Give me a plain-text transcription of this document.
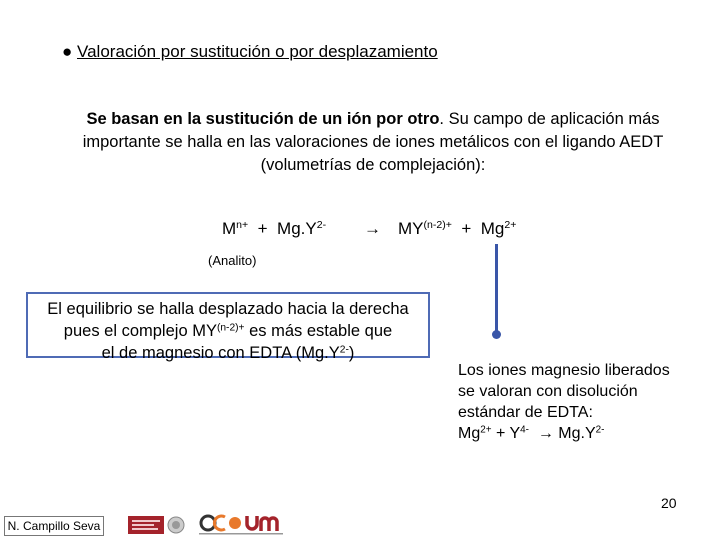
● Valoración por sustitución o por desplazamiento
Se basan en la sustitución de un ión por otro. Su campo de aplicación más importante se halla en las valoraciones de iones metálicos con el ligando AEDT (volumetrías de complejación):
$M^{n+} + Mg.Y^{2-} \to MY^{(n-2)+} + Mg^{2+}$
(Analito)
El equilibrio se halla desplazado hacia la derecha
pues el complejo $MY^{(n-2)+}$ es más estable que
el de magnesio con EDTA $(Mg.Y^{2-})$
Los iones magnesio liberados
se valoran con disolución
estándar de EDTA:
$Mg^{2+} + Y^{4-} \to Mg.Y^{2-}$
20
N. Campillo Seva
